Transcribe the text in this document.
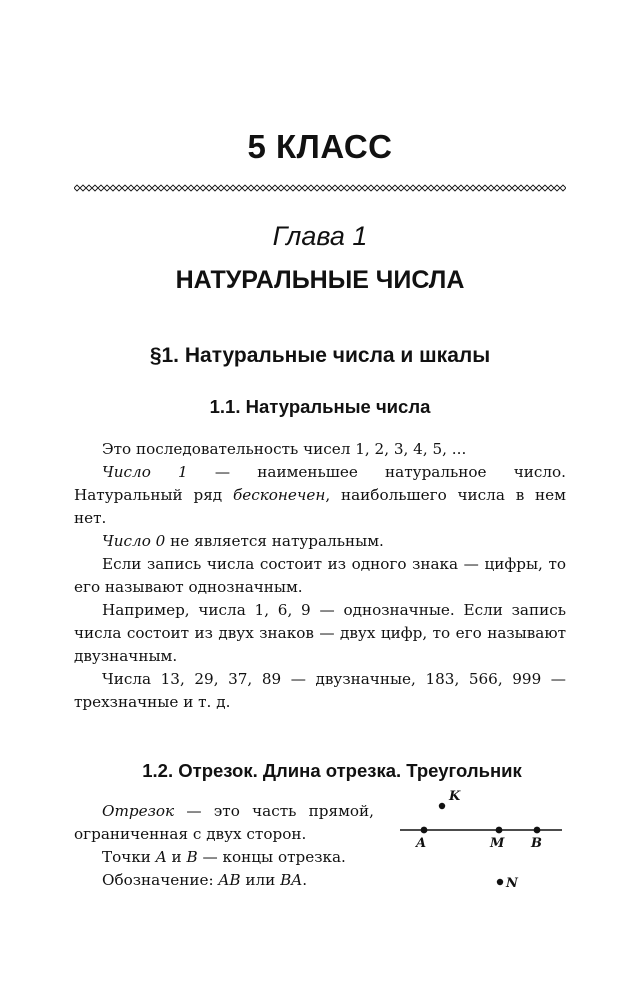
5 КЛАСС
Глава 1
НАТУРАЛЬНЫЕ ЧИСЛА
§1. Натуральные числа и шкалы
1.1. Натуральные числа

Это последовательность чисел 1, 2, 3, 4, 5, ...

Число 1 — наименьшее натуральное число. Натуральный ряд бесконечен, наибольшего числа в нем нет.

Число 0 не является натуральным.

Если запись числа состоит из одного знака — цифры, то его называют однозначным.

Например, числа 1, 6, 9 — однозначные. Если запись числа состоит из двух знаков — двух цифр, то его называют двузначным.

Числа 13, 29, 37, 89 — двузначные, 183, 566, 999 — трехзначные и т. д.

1.2. Отрезок. Длина отрезка. Треугольник

Отрезок — это часть прямой, ограниченная с двух сторон.

Точки A и B — концы отрезка.

Обозначение: AB или BA.

K
A	M B
N
